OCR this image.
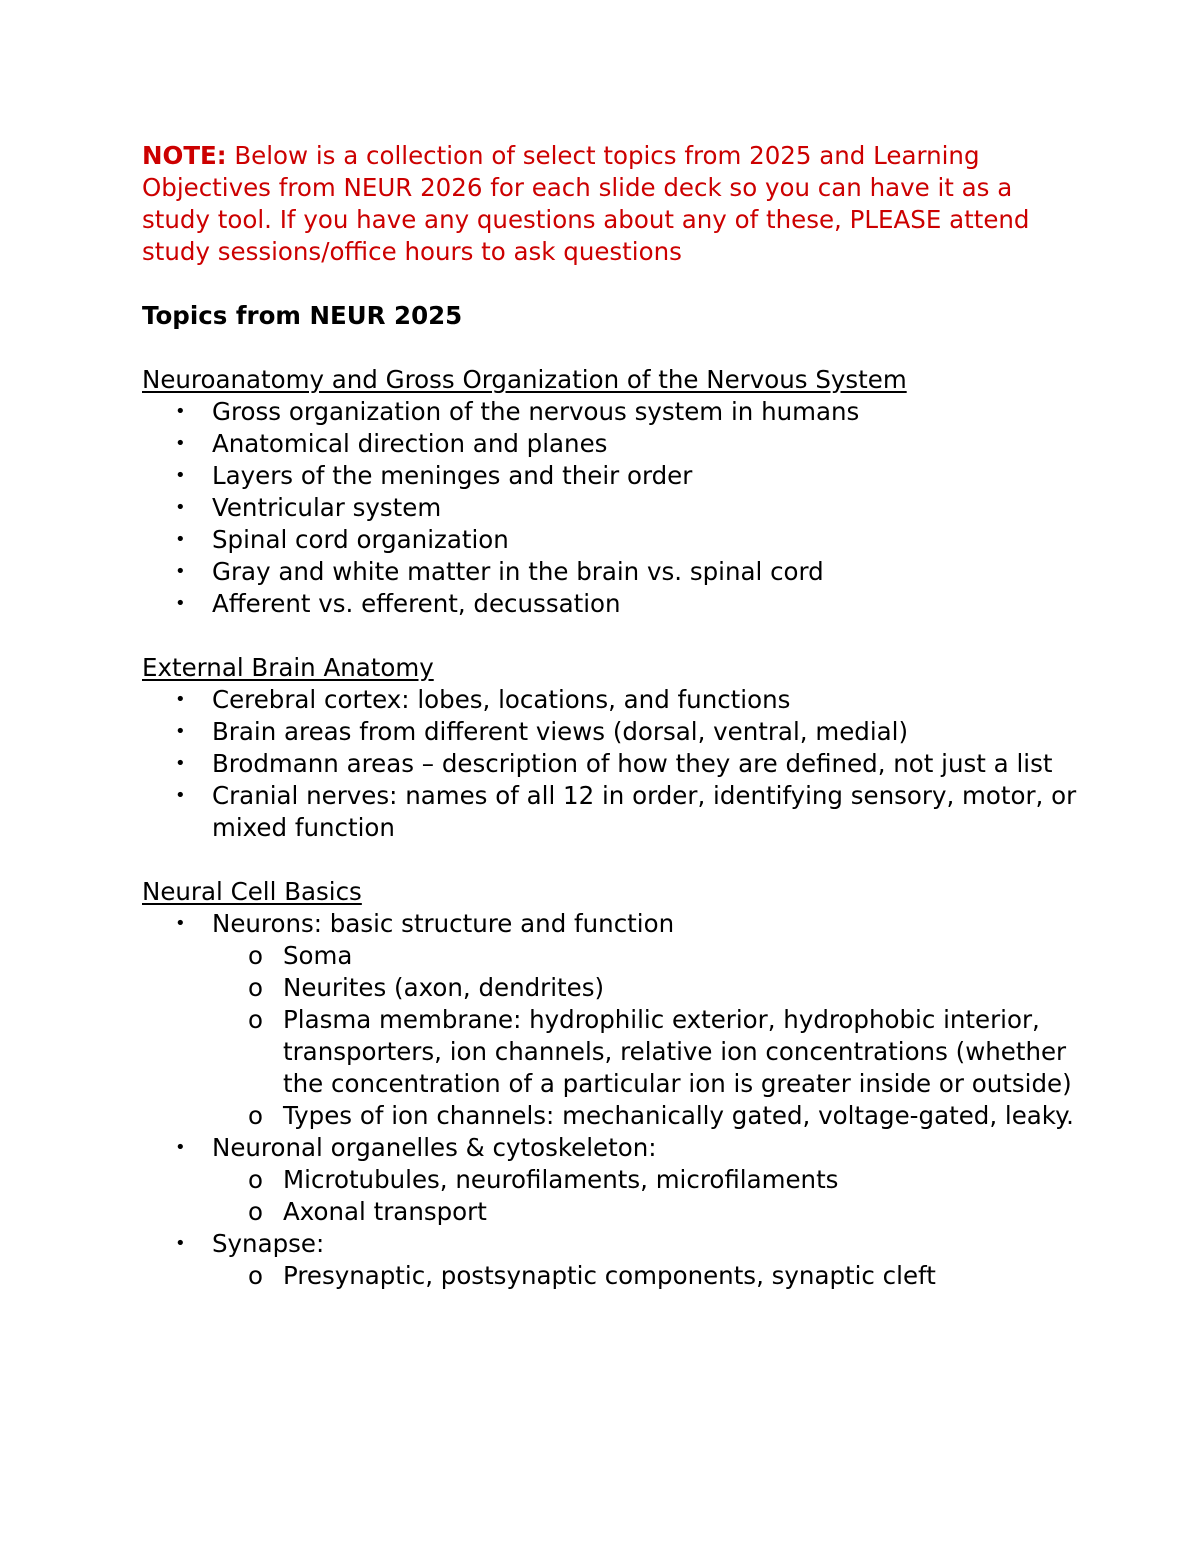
NOTE: Below is a collection of select topics from 2025 and Learning Objectives from NEUR 2026 for each slide deck so you can have it as a study tool. If you have any questions about any of these, PLEASE attend study sessions/office hours to ask questions

Topics from NEUR 2025

Neuroanatomy and Gross Organization of the Nervous System

• Gross organization of the nervous system in humans
• Anatomical direction and planes
• Layers of the meninges and their order
• Ventricular system
• Spinal cord organization
• Gray and white matter in the brain vs. spinal cord
• Afferent vs. efferent, decussation

External Brain Anatomy

• Cerebral cortex: lobes, locations, and functions
• Brain areas from different views (dorsal, ventral, medial)
• Brodmann areas – description of how they are defined, not just a list
• Cranial nerves: names of all 12 in order, identifying sensory, motor, or mixed function

Neural Cell Basics

• Neurons: basic structure and function
o Soma
o Neurites (axon, dendrites)
o Plasma membrane: hydrophilic exterior, hydrophobic interior, transporters, ion channels, relative ion concentrations (whether the concentration of a particular ion is greater inside or outside)
o Types of ion channels: mechanically gated, voltage-gated, leaky.
• Neuronal organelles & cytoskeleton:
o Microtubules, neurofilaments, microfilaments
o Axonal transport
• Synapse:
o Presynaptic, postsynaptic components, synaptic cleft
